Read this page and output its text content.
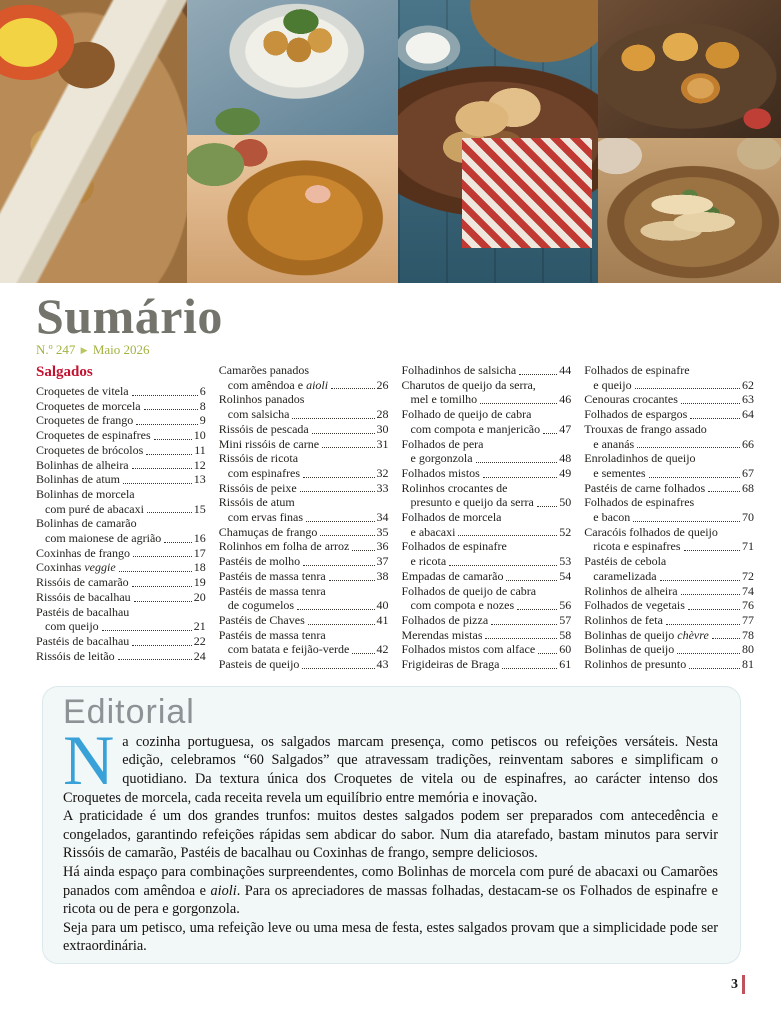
Sumário
N.º 247 ▶ Maio 2026
Salgados
Croquetes de vitela	6
Croquetes de morcela	8
Croquetes de frango	9
Croquetes de espinafres	10
Croquetes de brócolos	11
Bolinhas de alheira	12
Bolinhas de atum	13
Bolinhas de morcela
com puré de abacaxi	15
Bolinhas de camarão
com maionese de agrião	16
Coxinhas de frango	17
Coxinhas veggie	18
Rissóis de camarão	19
Rissóis de bacalhau	20
Pastéis de bacalhau
com queijo	21
Pastéis de bacalhau	22
Rissóis de leitão	24
Camarões panados
com amêndoa e aioli	26
Rolinhos panados
com salsicha	28
Rissóis de pescada	30
Mini rissóis de carne	31
Rissóis de ricota
com espinafres	32
Rissóis de peixe	33
Rissóis de atum
com ervas finas	34
Chamuças de frango	35
Rolinhos em folha de arroz 36
Pastéis de molho	37
Pastéis de massa tenra	38
Pastéis de massa tenra
de cogumelos	40
Pastéis de Chaves	41
Pastéis de massa tenra
com batata e feijão-verde 42
Pasteis de queijo	43
Folhadinhos de salsicha	44
Charutos de queijo da serra,
mel e tomilho	46
Folhado de queijo de cabra
com compota e manjericão 47
Folhados de pera
e gorgonzola	48
Folhados mistos	49
Rolinhos crocantes de
presunto e queijo da serra 50
Folhados de morcela
e abacaxi	52
Folhados de espinafre
e ricota	53
Empadas de camarão	54
Folhados de queijo de cabra
com compota e nozes	56
Folhados de pizza	57
Merendas mistas	58
Folhados mistos com alface 60
Frigideiras de Braga	61
Folhados de espinafre
e queijo	62
Cenouras crocantes	63
Folhados de espargos	64
Trouxas de frango assado
e ananás	66
Enroladinhos de queijo
e sementes	67
Pastéis de carne folhados	68
Folhados de espinafres
e bacon	70
Caracóis folhados de queijo
ricota e espinafres	71
Pastéis de cebola
caramelizada	72
Rolinhos de alheira	74
Folhados de vegetais	76
Rolinhos de feta	77
Bolinhas de queijo chèvre	78
Bolinhas de queijo	80
Rolinhos de presunto	81
Editorial

Na cozinha portuguesa, os salgados marcam presença, como petiscos ou refeições versáteis. Nesta edição, celebramos “60 Salgados” que atravessam tradições, reinventam sabores e simplificam o quotidiano. Da textura única dos Croquetes de vitela ou de espinafres, ao carácter intenso dos Croquetes de morcela, cada receita revela um equilíbrio entre memória e inovação.

A praticidade é um dos grandes trunfos: muitos destes salgados podem ser preparados com antecedência e congelados, garantindo refeições rápidas sem abdicar do sabor. Num dia atarefado, bastam minutos para servir Rissóis de camarão, Pastéis de bacalhau ou Coxinhas de frango, sempre deliciosos.

Há ainda espaço para combinações surpreendentes, como Bolinhas de morcela com puré de abacaxi ou Camarões panados com amêndoa e aioli. Para os apreciadores de massas folhadas, destacam-se os Folhados de espinafre e ricota ou de pera e gorgonzola.

Seja para um petisco, uma refeição leve ou uma mesa de festa, estes salgados provam que a simplicidade pode ser extraordinária.

3
